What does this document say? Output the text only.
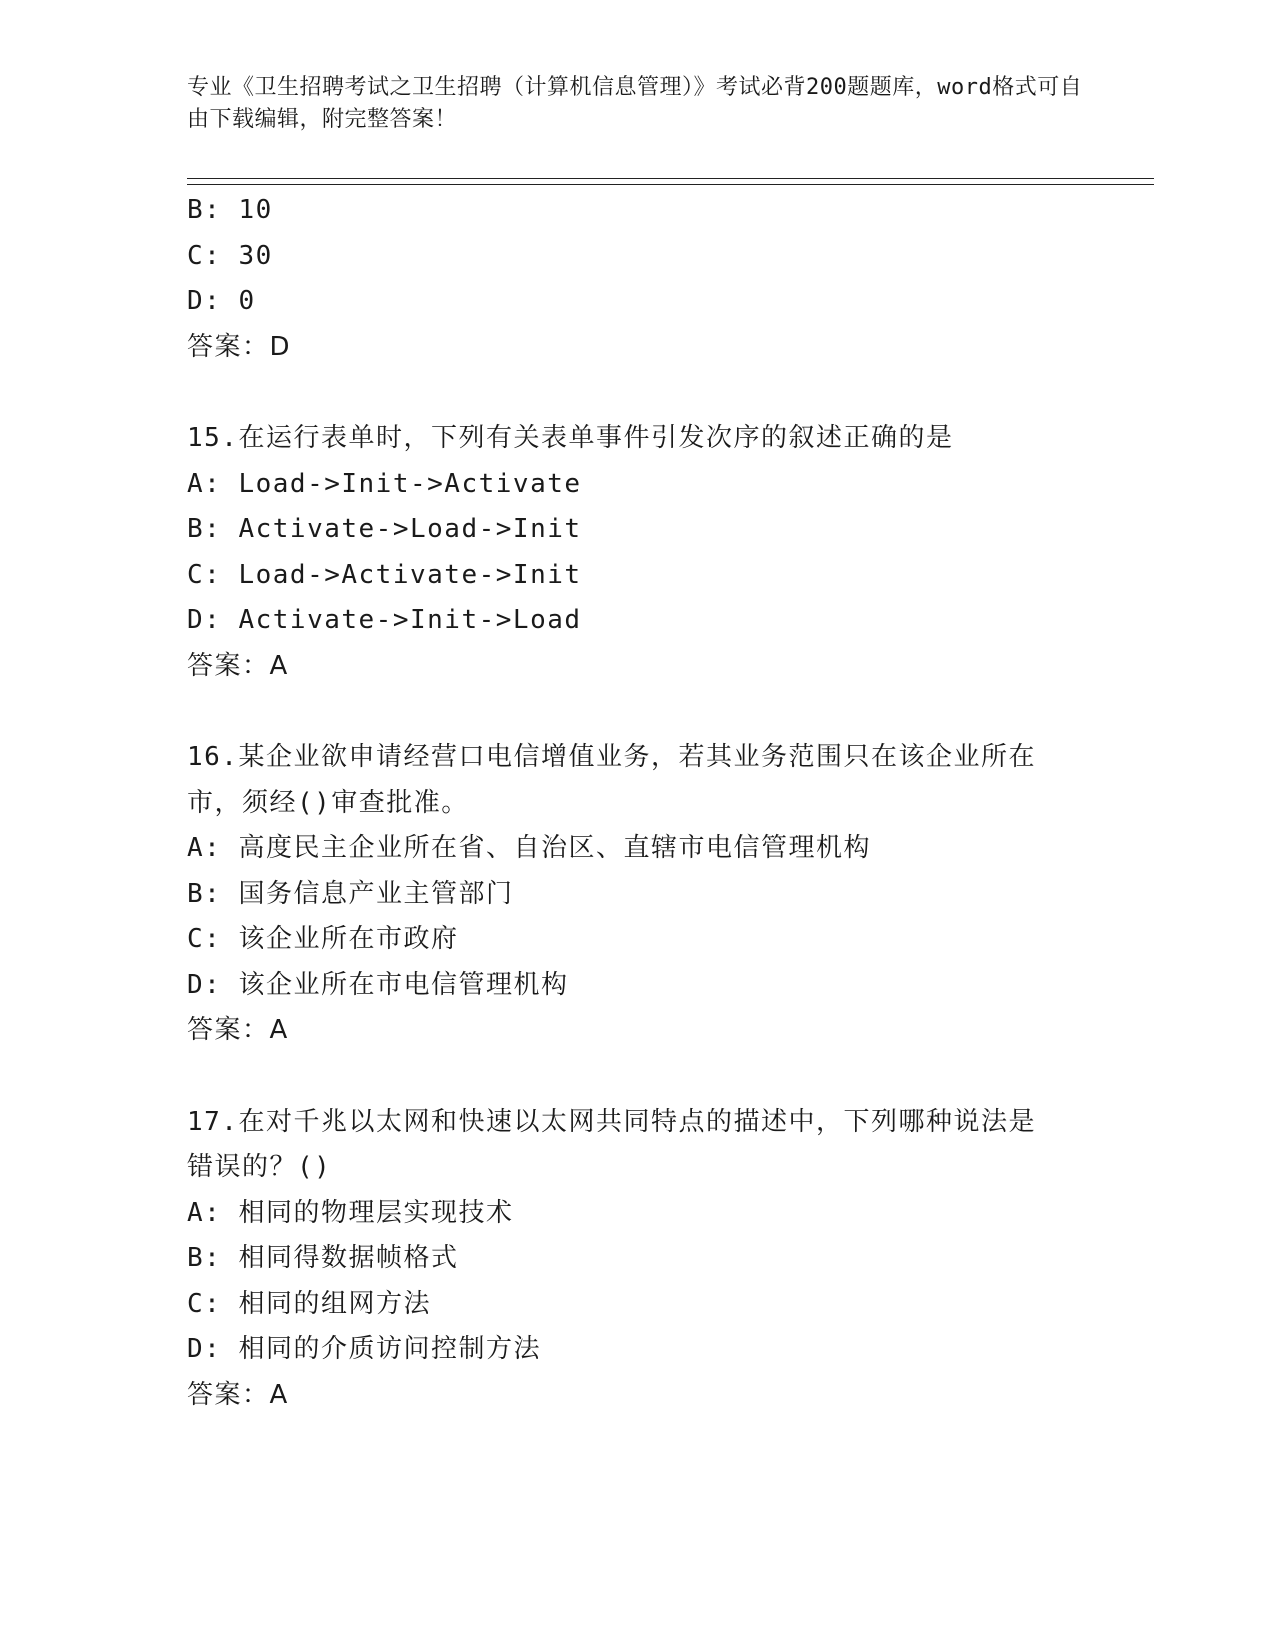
专业《卫生招聘考试之卫生招聘（计算机信息管理）》考试必背200题题库，word格式可自由下载编辑，附完整答案！
B: 10
C: 30
D: 0
答案：D
15.在运行表单时，下列有关表单事件引发次序的叙述正确的是
A: Load->Init->Activate
B: Activate->Load->Init
C: Load->Activate->Init
D: Activate->Init->Load
答案：A
16.某企业欲申请经营口电信增值业务，若其业务范围只在该企业所在市，须经()审查批准。
A: 高度民主企业所在省、自治区、直辖市电信管理机构
B: 国务信息产业主管部门
C: 该企业所在市政府
D: 该企业所在市电信管理机构
答案：A
17.在对千兆以太网和快速以太网共同特点的描述中，下列哪种说法是错误的？()
A: 相同的物理层实现技术
B: 相同得数据帧格式
C: 相同的组网方法
D: 相同的介质访问控制方法
答案：A
